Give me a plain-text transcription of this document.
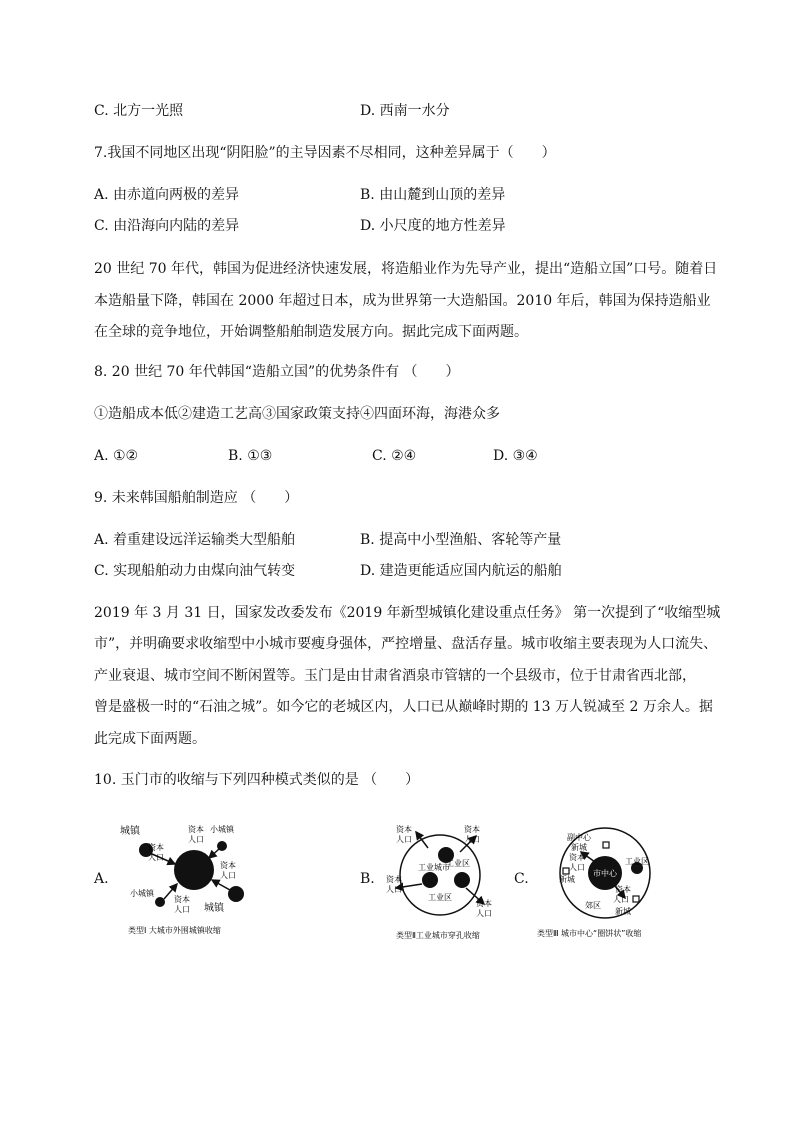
C. 北方一光照	D. 西南一水分
7.我国不同地区出现“阴阳脸”的主导因素不尽相同，这种差异属于（　　）
A. 由赤道向两极的差异	B. 由山麓到山顶的差异
C. 由沿海向内陆的差异	D. 小尺度的地方性差异
20 世纪 70 年代，韩国为促进经济快速发展，将造船业作为先导产业，提出“造船立国”口号。随着日
本造船量下降，韩国在 2000 年超过日本，成为世界第一大造船国。2010 年后，韩国为保持造船业
在全球的竞争地位，开始调整船舶制造发展方向。据此完成下面两题。
8. 20 世纪 70 年代韩国“造船立国”的优势条件有 （　　）
①造船成本低②建造工艺高③国家政策支持④四面环海，海港众多
A. ①②	B. ①③	C. ②④	D. ③④
9. 未来韩国船舶制造应 （　　）
A. 着重建设远洋运输类大型船舶	B. 提高中小型渔船、客轮等产量
C. 实现船舶动力由煤向油气转变	D. 建造更能适应国内航运的船舶
2019 年 3 月 31 日，国家发改委发布《2019 年新型城镇化建设重点任务》 第一次提到了“收缩型城
市”，并明确要求收缩型中小城市要瘦身强体，严控增量、盘活存量。城市收缩主要表现为人口流失、
产业衰退、城市空间不断闲置等。玉门是由甘肃省酒泉市管辖的一个县级市，位于甘肃省西北部，
曾是盛极一时的“石油之城”。如今它的老城区内，人口已从巅峰时期的 13 万人锐减至 2 万余人。据
此完成下面两题。
10. 玉门市的收缩与下列四种模式类似的是 （　　）
A.	B.	C.
城镇	小城镇
资本
人口
资本
人口
资本
人口
小城镇
资本
人口 城镇
类型Ⅰ 大城市外围城镇收缩
资本
人口
资本
人口
工业区
工业城市
资本
人口
工业区
资本
人口
类型Ⅱ工业城市穿孔收缩
市中心
副中心
新城
资本
人口
新城
工业区
郊区
资本
人口
新城
类型Ⅲ 城市中心“圈饼状”收缩
